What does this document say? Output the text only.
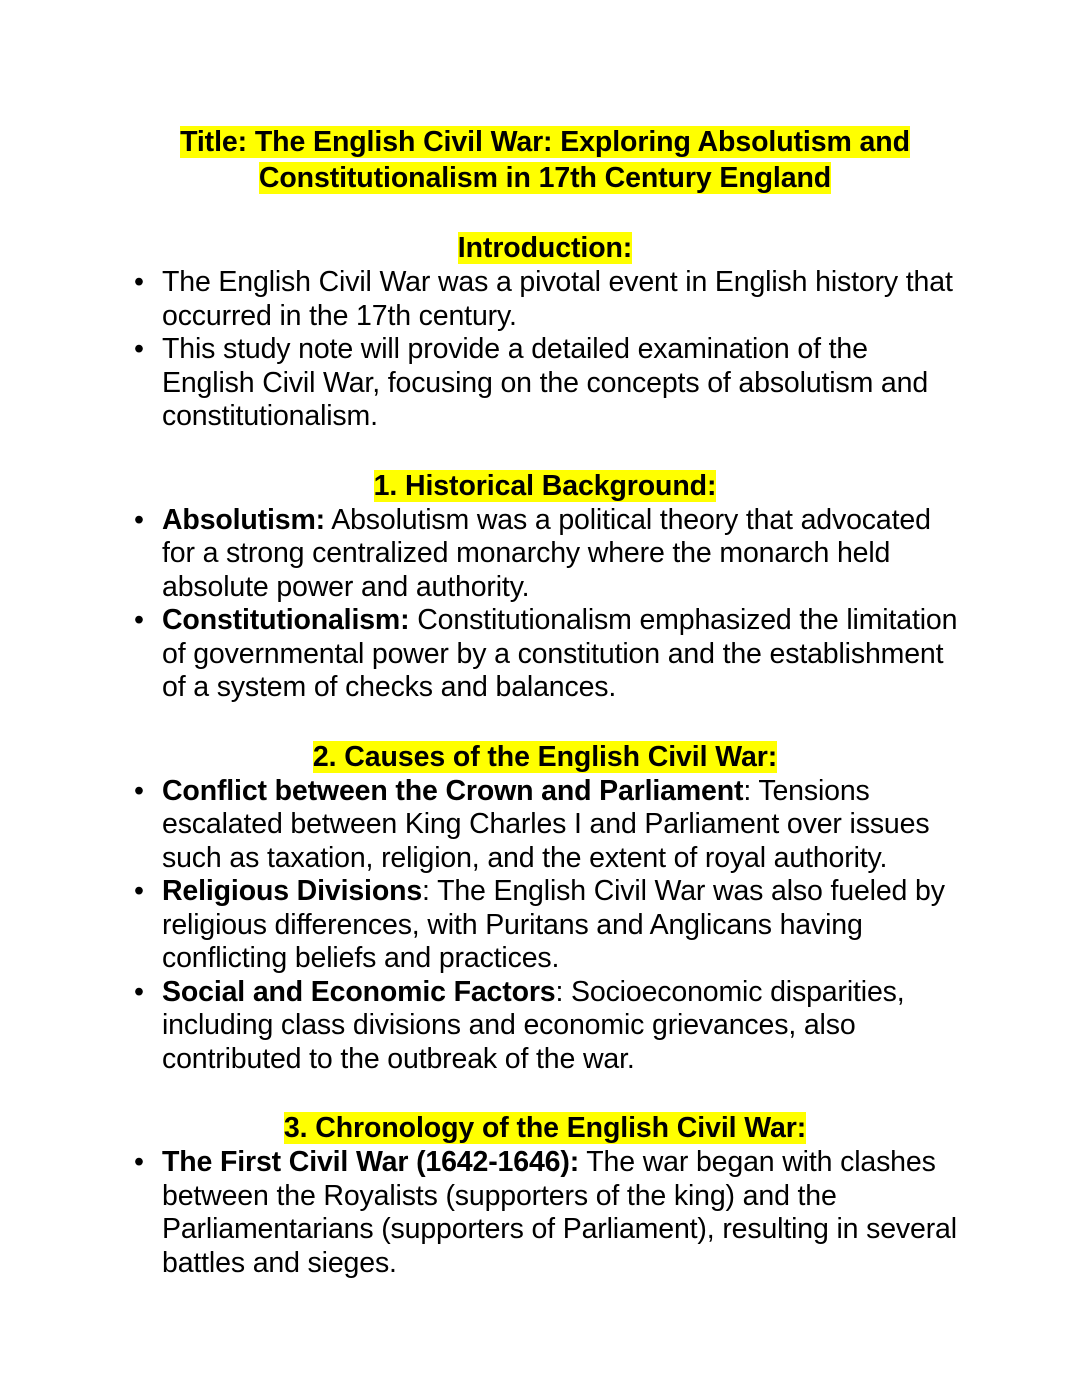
Title: The English Civil War: Exploring Absolutism and
Constitutionalism in 17th Century England
Introduction:
• The English Civil War was a pivotal event in English history that occurred in the 17th century.
• This study note will provide a detailed examination of the English Civil War, focusing on the concepts of absolutism and constitutionalism.
1. Historical Background:
• Absolutism: Absolutism was a political theory that advocated for a strong centralized monarchy where the monarch held absolute power and authority.
• Constitutionalism: Constitutionalism emphasized the limitation of governmental power by a constitution and the establishment of a system of checks and balances.
2. Causes of the English Civil War:
• Conflict between the Crown and Parliament: Tensions escalated between King Charles I and Parliament over issues such as taxation, religion, and the extent of royal authority.
• Religious Divisions: The English Civil War was also fueled by religious differences, with Puritans and Anglicans having conflicting beliefs and practices.
• Social and Economic Factors: Socioeconomic disparities, including class divisions and economic grievances, also contributed to the outbreak of the war.
3. Chronology of the English Civil War:
• The First Civil War (1642-1646): The war began with clashes between the Royalists (supporters of the king) and the Parliamentarians (supporters of Parliament), resulting in several battles and sieges.
